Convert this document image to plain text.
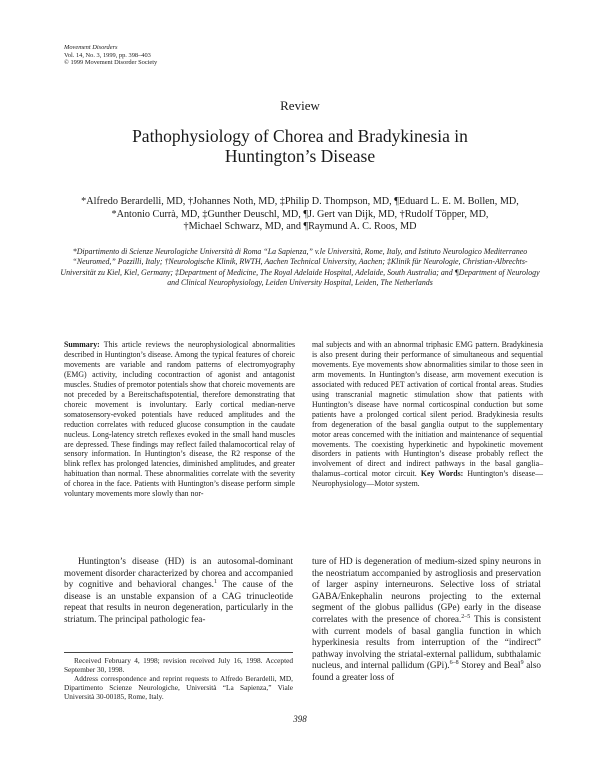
Movement Disorders
Vol. 14, No. 3, 1999, pp. 398–403
© 1999 Movement Disorder Society
Review
Pathophysiology of Chorea and Bradykinesia in
Huntington’s Disease
*Alfredo Berardelli, MD, †Johannes Noth, MD, ‡Philip D. Thompson, MD, ¶Eduard L. E. M. Bollen, MD,
*Antonio Currà, MD, ‡Gunther Deuschl, MD, ¶J. Gert van Dijk, MD, †Rudolf Töpper, MD,
†Michael Schwarz, MD, and ¶Raymund A. C. Roos, MD
*Dipartimento di Scienze Neurologiche Università di Roma “La Sapienza,” v.le Università, Rome, Italy, and Istituto Neurologico Mediterraneo “Neuromed,” Pozzilli, Italy; †Neurologische Klinik, RWTH, Aachen Technical University, Aachen; ‡Klinik für Neurologie, Christian-Albrechts-Universität zu Kiel, Kiel, Germany; ‡Department of Medicine, The Royal Adelaide Hospital, Adelaide, South Australia; and ¶Department of Neurology and Clinical Neurophysiology, Leiden University Hospital, Leiden, The Netherlands

Summary: This article reviews the neurophysiological abnormalities described in Huntington’s disease. Among the typical features of choreic movements are variable and random patterns of electromyography (EMG) activity, including cocontraction of agonist and antagonist muscles. Studies of premotor potentials show that choreic movements are not preceded by a Bereitschaftspotential, therefore demonstrating that choreic movement is involuntary. Early cortical median-nerve somatosensory-evoked potentials have reduced amplitudes and the reduction correlates with reduced glucose consumption in the caudate nucleus. Long-latency stretch reflexes evoked in the small hand muscles are depressed. These findings may reflect failed thalamocortical relay of sensory information. In Huntington’s disease, the R2 response of the blink reflex has prolonged latencies, diminished amplitudes, and greater habituation than normal. These abnormalities correlate with the severity of chorea in the face. Patients with Huntington’s disease perform simple voluntary movements more slowly than nor-

mal subjects and with an abnormal triphasic EMG pattern. Bradykinesia is also present during their performance of simultaneous and sequential movements. Eye movements show abnormalities similar to those seen in arm movements. In Huntington’s disease, arm movement execution is associated with reduced PET activation of cortical frontal areas. Studies using transcranial magnetic stimulation show that patients with Huntington’s disease have normal corticospinal conduction but some patients have a prolonged cortical silent period. Bradykinesia results from degeneration of the basal ganglia output to the supplementary motor areas concerned with the initiation and maintenance of sequential movements. The coexisting hyperkinetic and hypokinetic movement disorders in patients with Huntington’s disease probably reflect the involvement of direct and indirect pathways in the basal ganglia–thalamus–cortical motor circuit. Key Words: Huntington’s disease—Neurophysiology—Motor system.

Huntington’s disease (HD) is an autosomal-dominant movement disorder characterized by chorea and accompanied by cognitive and behavioral changes.$^1$ The cause of the disease is an unstable expansion of a CAG trinucleotide repeat that results in neuron degeneration, particularly in the striatum. The principal pathologic fea-

ture of HD is degeneration of medium-sized spiny neurons in the neostriatum accompanied by astrogliosis and preservation of larger aspiny interneurons. Selective loss of striatal GABA/Enkephalin neurons projecting to the external segment of the globus pallidus (GPe) early in the disease correlates with the presence of chorea.$^{2-5}$ This is consistent with current models of basal ganglia function in which hyperkinesia results from interruption of the “indirect” pathway involving the striatal-external pallidum, subthalamic nucleus, and internal pallidum (GPi).$^{6-8}$ Storey and Beal$^9$ also found a greater loss of

Received February 4, 1998; revision received July 16, 1998. Accepted September 30, 1998.

Address correspondence and reprint requests to Alfredo Berardelli, MD, Dipartimento Scienze Neurologiche, Università “La Sapienza,” Viale Università 30-00185, Rome, Italy.

398
